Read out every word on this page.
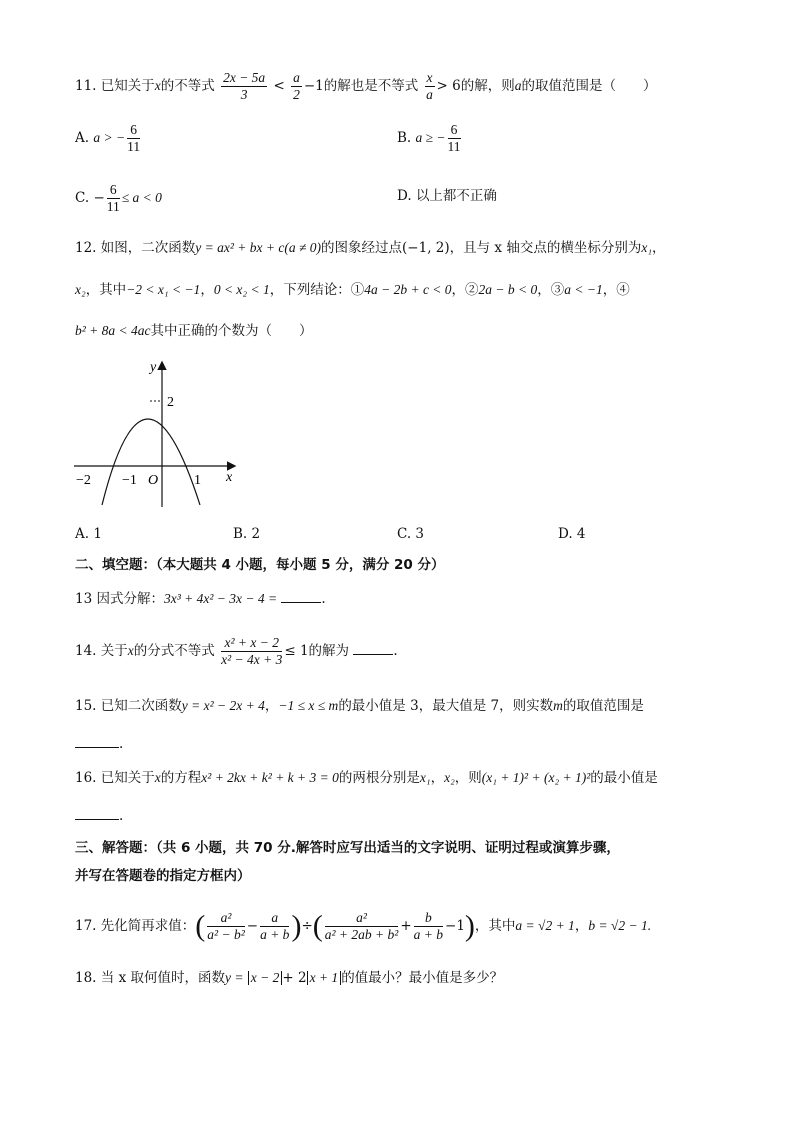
11. 已知关于x的不等式 $\frac{2x - 5a}{3} < \frac{a}{2} -1$的解也是不等式 $\frac{x}{a} > 6$的解，则a的取值范围是（　　）
A. a > − $\frac{6}{11}$	B. a ≥ − $\frac{6}{11}$
C. − $\frac{6}{11} \le a < 0$	D. 以上都不正确
12. 如图，二次函数y = ax² + bx + c(a ≠ 0)的图象经过点(−1, 2)，且与 x 轴交点的横坐标分别为x₁，
x₂，其中−2 < x₁ < −1，0 < x₂ < 1，下列结论：①4a − 2b + c < 0，②2a − b < 0，③a < −1，④
b² + 8a < 4ac其中正确的个数为（　　）
y
x
O
2
−2 −1	1
A. 1	B. 2	C. 3	D. 4
二、填空题：（本大题共 4 小题，每小题 5 分，满分 20 分）
13 因式分解：3x³ + 4x² − 3x − 4 =	.
14. 关于x的分式不等式 $\frac{\text{x² + x − 2}}{\text{x² − 4x + 3}} \le 1$的解为	.
15. 已知二次函数y = x² − 2x + 4，−1 ≤ x ≤ m的最小值是 3，最大值是 7，则实数m的取值范围是
.
16. 已知关于x的方程x² + 2kx + k² + k + 3 = 0的两根分别是x₁，x₂，则(x₁ + 1)² + (x₂ + 1)²的最小值是
.
三、解答题：（共 6 小题，共 70 分.解答时应写出适当的文字说明、证明过程或演算步骤，
并写在答题卷的指定方框内）
17. 先化简再求值：( $\frac{\text{a²}}{\text{a² − b²}} - \frac{a}{a + b}$ )÷( $\frac{\text{a²}}{\text{a² + 2ab + b²}} + \frac{b}{a + b} -1$)，其中a = √2 + 1，b = √2 − 1.
18. 当 x 取何值时，函数y = x − 2 + 2 x + 1 的值最小？最小值是多少？
